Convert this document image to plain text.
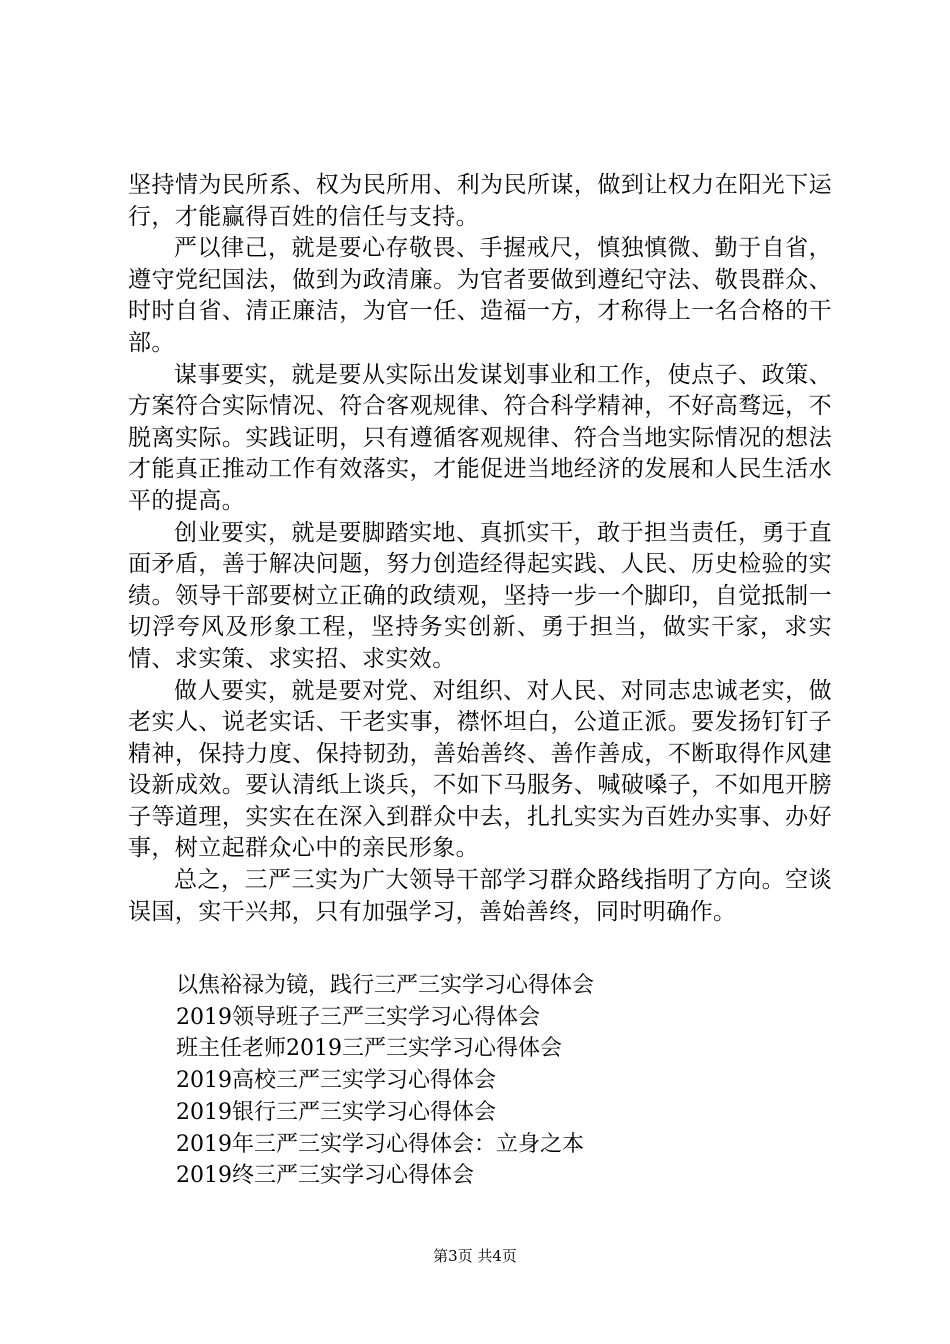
坚持情为民所系、权为民所用、利为民所谋，做到让权力在阳光下运行，才能赢得百姓的信任与支持。

严以律己，就是要心存敬畏、手握戒尺，慎独慎微、勤于自省，遵守党纪国法，做到为政清廉。为官者要做到遵纪守法、敬畏群众、时时自省、清正廉洁，为官一任、造福一方，才称得上一名合格的干部。

谋事要实，就是要从实际出发谋划事业和工作，使点子、政策、方案符合实际情况、符合客观规律、符合科学精神，不好高骛远，不脱离实际。实践证明，只有遵循客观规律、符合当地实际情况的想法才能真正推动工作有效落实，才能促进当地经济的发展和人民生活水平的提高。

创业要实，就是要脚踏实地、真抓实干，敢于担当责任，勇于直面矛盾，善于解决问题，努力创造经得起实践、人民、历史检验的实绩。领导干部要树立正确的政绩观，坚持一步一个脚印，自觉抵制一切浮夸风及形象工程，坚持务实创新、勇于担当，做实干家，求实情、求实策、求实招、求实效。

做人要实，就是要对党、对组织、对人民、对同志忠诚老实，做老实人、说老实话、干老实事，襟怀坦白，公道正派。要发扬钉钉子精神，保持力度、保持韧劲，善始善终、善作善成，不断取得作风建设新成效。要认清纸上谈兵，不如下马服务、喊破嗓子，不如甩开膀子等道理，实实在在深入到群众中去，扎扎实实为百姓办实事、办好事，树立起群众心中的亲民形象。

总之，三严三实为广大领导干部学习群众路线指明了方向。空谈误国，实干兴邦，只有加强学习，善始善终，同时明确作。

以焦裕禄为镜，践行三严三实学习心得体会

2019领导班子三严三实学习心得体会

班主任老师2019三严三实学习心得体会

2019高校三严三实学习心得体会

2019银行三严三实学习心得体会

2019年三严三实学习心得体会：立身之本

2019终三严三实学习心得体会

第3页 共4页
